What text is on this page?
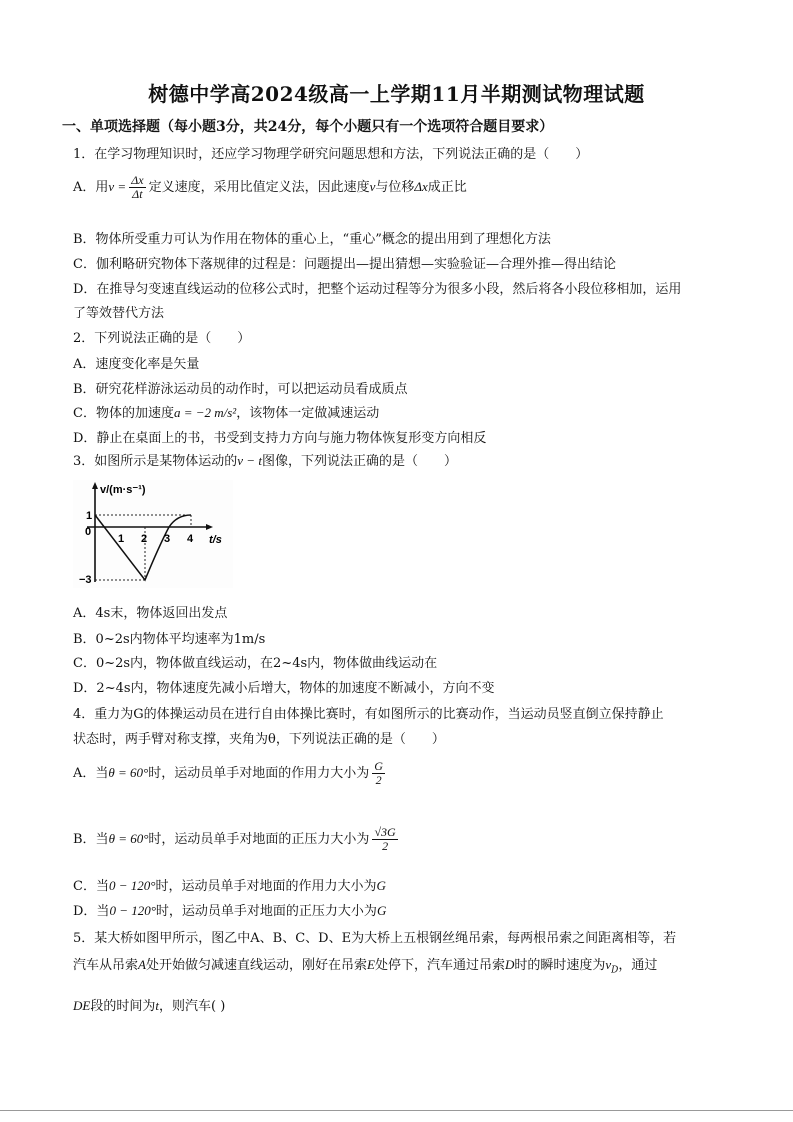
树德中学高2024级高一上学期11月半期测试物理试题
一、单项选择题（每小题3分，共24分，每个小题只有一个选项符合题目要求）
1．在学习物理知识时，还应学习物理学研究问题思想和方法，下列说法正确的是（　　）
A．用$v = \frac{\Delta x}{\Delta t}$ 定义速度，采用比值定义法，因此速度v与位移Δx成正比
B．物体所受重力可认为作用在物体的重心上，“重心”概念的提出用到了理想化方法
C．伽利略研究物体下落规律的过程是：问题提出—提出猜想—实验验证—合理外推—得出结论
D．在推导匀变速直线运动的位移公式时，把整个运动过程等分为很多小段，然后将各小段位移相加，运用
了等效替代方法
2．下列说法正确的是（　　）
A．速度变化率是矢量
B．研究花样游泳运动员的动作时，可以把运动员看成质点
C．物体的加速度a = −2 m/s²，该物体一定做减速运动
D．静止在桌面上的书，书受到支持力方向与施力物体恢复形变方向相反
3．如图所示是某物体运动的v − t图像，下列说法正确的是（　　）
v/(m·s⁻¹)
t/s
1
0
−3
1 2 3 4
A．4s末，物体返回出发点
B．0~2s内物体平均速率为1m/s
C．0~2s内，物体做直线运动，在2~4s内，物体做曲线运动在
D．2~4s内，物体速度先减小后增大，物体的加速度不断减小，方向不变
4．重力为G的体操运动员在进行自由体操比赛时，有如图所示的比赛动作，当运动员竖直倒立保持静止
状态时，两手臂对称支撑，夹角为θ，下列说法正确的是（　　）
A．当θ = 60°时，运动员单手对地面的作用力大小为 $\frac{G}{2}$
B．当θ = 60°时，运动员单手对地面的正压力大小为 $\frac{√3G}{2}$
C．当0 − 120°时，运动员单手对地面的作用力大小为G
D．当0 − 120°时，运动员单手对地面的正压力大小为G
5．某大桥如图甲所示，图乙中A、B、C、D、E为大桥上五根钢丝绳吊索，每两根吊索之间距离相等，若
汽车从吊索A处开始做匀减速直线运动，刚好在吊索E处停下，汽车通过吊索D时的瞬时速度为$v_D$，通过
DE段的时间为t，则汽车( )
